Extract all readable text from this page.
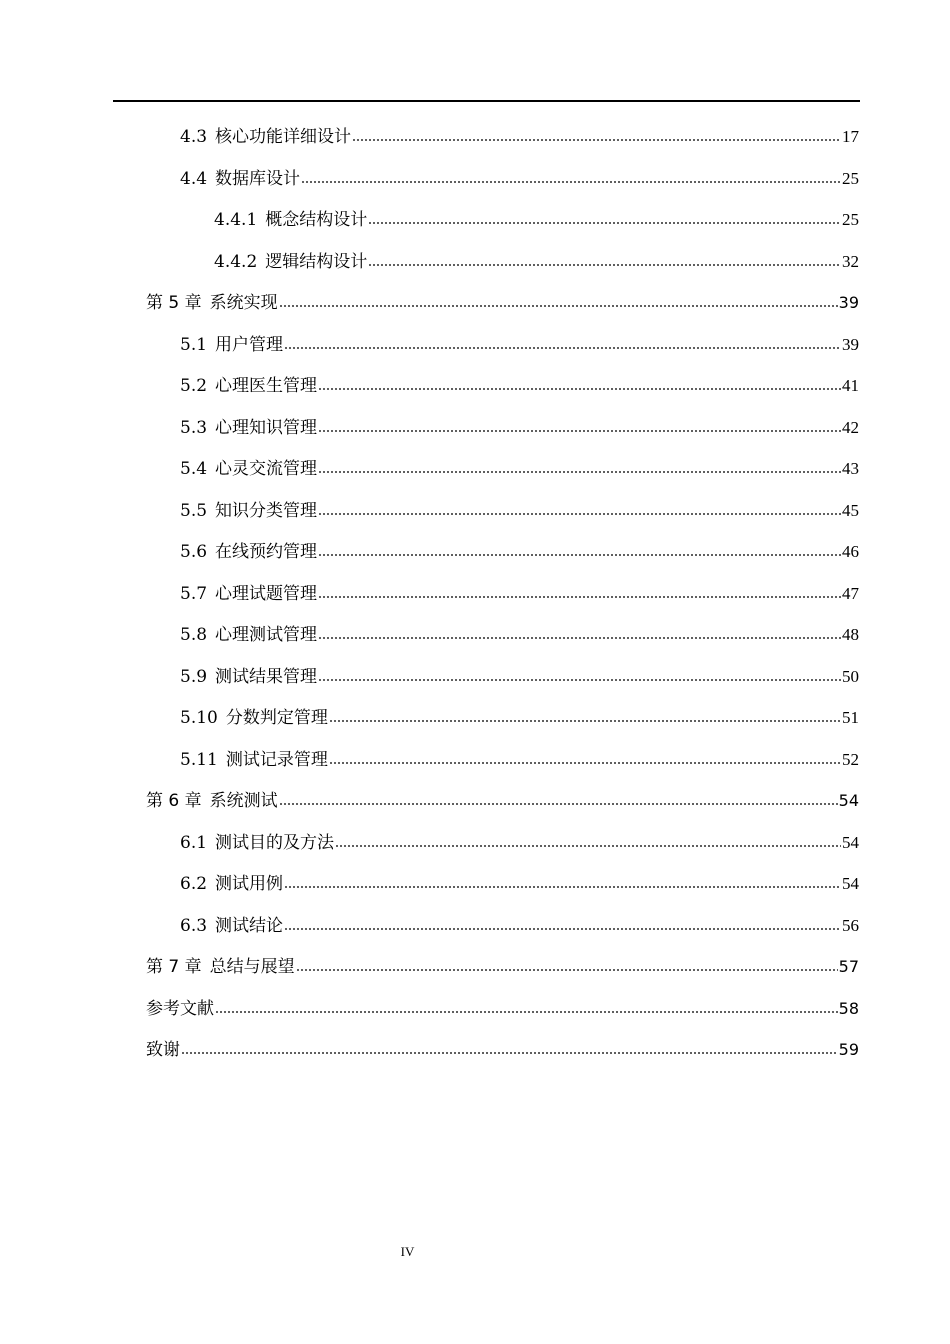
4.3 核心功能详细设计	17
4.4 数据库设计	25
4.4.1 概念结构设计	25
4.4.2 逻辑结构设计	32
第 5 章 系统实现	39
5.1 用户管理	39
5.2 心理医生管理	41
5.3 心理知识管理	42
5.4 心灵交流管理	43
5.5 知识分类管理	45
5.6 在线预约管理	46
5.7 心理试题管理	47
5.8 心理测试管理	48
5.9 测试结果管理	50
5.10 分数判定管理	51
5.11 测试记录管理	52
第 6 章 系统测试	54
6.1 测试目的及方法	54
6.2 测试用例	54
6.3 测试结论	56
第 7 章 总结与展望	57
参考文献	58
致谢	59
IV
